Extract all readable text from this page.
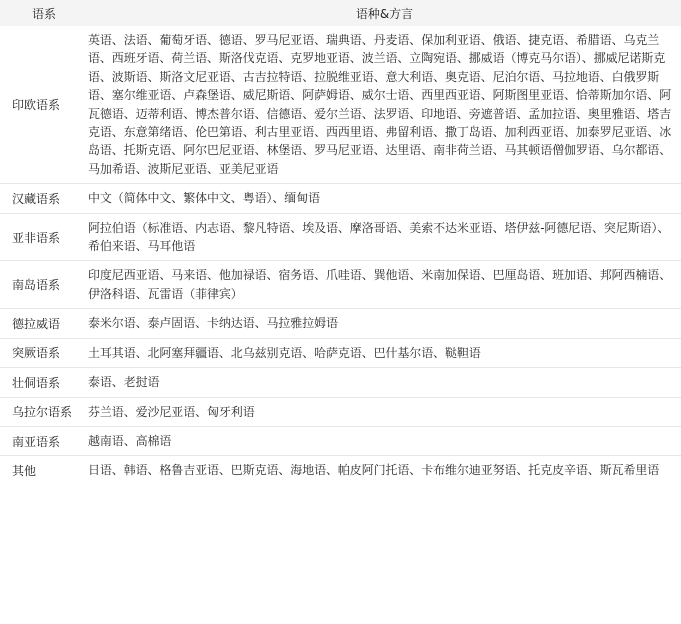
语系	语种&方言
印欧语系	英语、法语、葡萄牙语、德语、罗马尼亚语、瑞典语、丹麦语、保加利亚语、俄语、捷克语、希腊语、乌克兰语、西班牙语、荷兰语、斯洛伐克语、克罗地亚语、波兰语、立陶宛语、挪威语（博克马尔语）、挪威尼诺斯克语、波斯语、斯洛文尼亚语、古吉拉特语、拉脱维亚语、意大利语、奥克语、尼泊尔语、马拉地语、白俄罗斯语、塞尔维亚语、卢森堡语、威尼斯语、阿萨姆语、威尔士语、西里西亚语、阿斯图里亚语、恰蒂斯加尔语、阿瓦德语、迈蒂利语、博杰普尔语、信德语、爱尔兰语、法罗语、印地语、旁遮普语、孟加拉语、奥里雅语、塔吉克语、东意第绪语、伦巴第语、利古里亚语、西西里语、弗留利语、撒丁岛语、加利西亚语、加泰罗尼亚语、冰岛语、托斯克语、阿尔巴尼亚语、林堡语、罗马尼亚语、达里语、南非荷兰语、马其顿语僧伽罗语、乌尔都语、马加希语、波斯尼亚语、亚美尼亚语
汉藏语系	中文（简体中文、繁体中文、粤语）、缅甸语
亚非语系	阿拉伯语（标准语、内志语、黎凡特语、埃及语、摩洛哥语、美索不达米亚语、塔伊兹-阿德尼语、突尼斯语）、希伯来语、马耳他语
南岛语系	印度尼西亚语、马来语、他加禄语、宿务语、爪哇语、巽他语、米南加保语、巴厘岛语、班加语、邦阿西楠语、伊洛科语、瓦雷语（菲律宾）
德拉威语	泰米尔语、泰卢固语、卡纳达语、马拉雅拉姆语
突厥语系	土耳其语、北阿塞拜疆语、北乌兹别克语、哈萨克语、巴什基尔语、鞑靼语
壮侗语系	泰语、老挝语
乌拉尔语系	芬兰语、爱沙尼亚语、匈牙利语
南亚语系	越南语、高棉语
其他	日语、韩语、格鲁吉亚语、巴斯克语、海地语、帕皮阿门托语、卡布维尔迪亚努语、托克皮辛语、斯瓦希里语
